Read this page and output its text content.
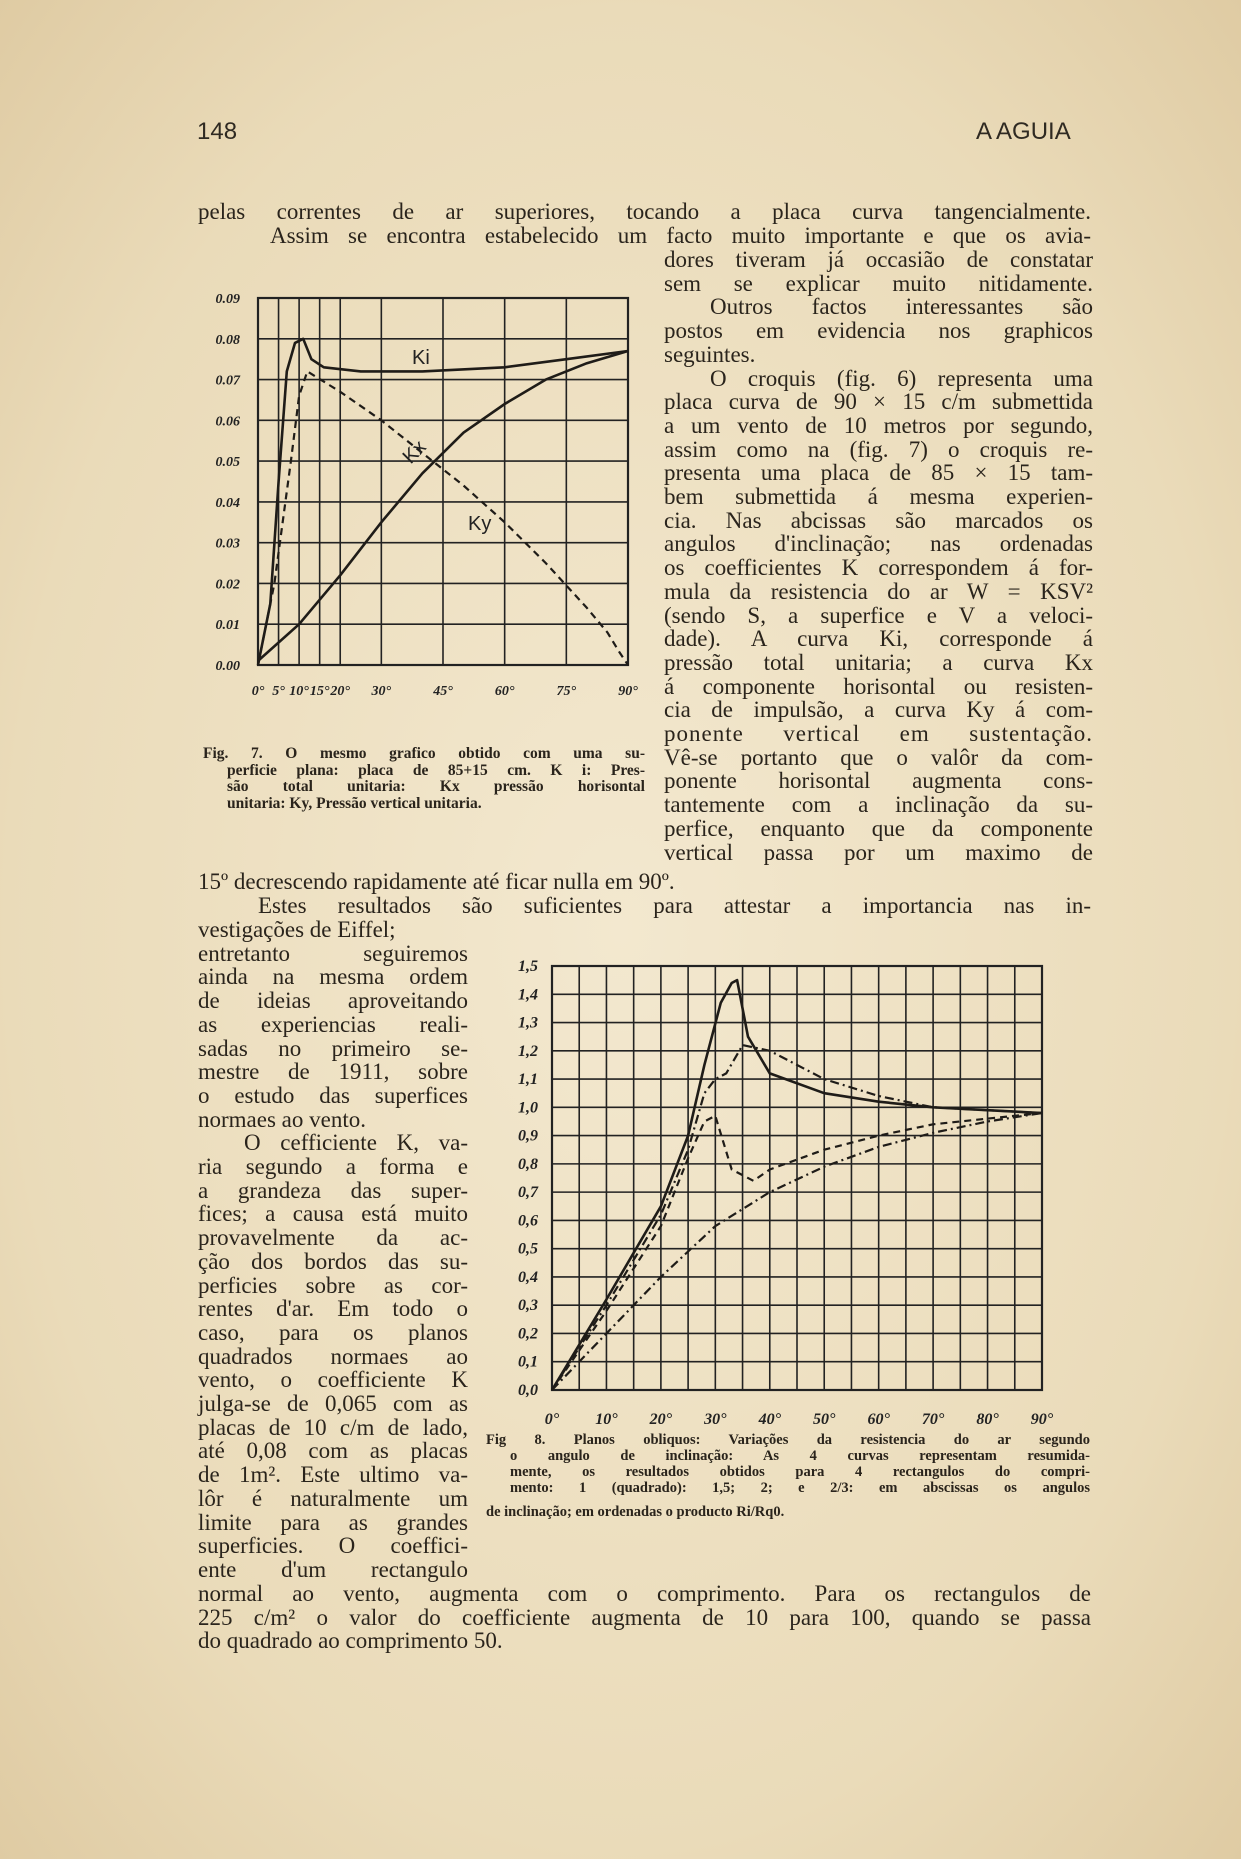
148	A AGUIA
pelas correntes de ar superiores, tocando a placa curva tangencialmente.
Assim se encontra estabelecido um facto muito importante e que os avia-
dores tiveram já occasião de constatar
sem se explicar muito nitidamente.
Outros factos interessantes são
postos em evidencia nos graphicos
seguintes.
O croquis (fig. 6) representa uma
placa curva de 90 × 15 c/m submettida
a um vento de 10 metros por segundo,
assim como na (fig. 7) o croquis re-
presenta uma placa de 85 × 15 tam-
bem submettida á mesma experien-
cia. Nas abcissas são marcados os
angulos d'inclinação; nas ordenadas
os coefficientes K correspondem á for-
mula da resistencia do ar W = KSV²
(sendo S, a superfice e V a veloci-
dade). A curva Ki, corresponde á
pressão total unitaria; a curva Kx
á componente horisontal ou resisten-
cia de impulsão, a curva Ky á com-
ponente vertical em sustentação.
Vê-se portanto que o valôr da com-
ponente horisontal augmenta cons-
tantemente com a inclinação da su-
perfice, enquanto que da componente
vertical passa por um maximo de
Fig. 7. O mesmo grafico obtido com uma su-
perficie plana: placa de 85+15 cm. K i: Pres-
são total unitaria: Kx pressão horisontal
unitaria: Ky, Pressão vertical unitaria.
15º decrescendo rapidamente até ficar nulla em 90º.
Estes resultados são suficientes para attestar a importancia nas in-
vestigações de Eiffel;
entretanto seguiremos
ainda na mesma ordem
de ideias aproveitando
as experiencias reali-
sadas no primeiro se-
mestre de 1911, sobre
o estudo das superfices
normaes ao vento.
O cefficiente K, va-
ria segundo a forma e
a grandeza das super-
fices; a causa está muito
provavelmente da ac-
ção dos bordos das su-
perficies sobre as cor-
rentes d'ar. Em todo o
caso, para os planos
quadrados normaes ao
vento, o coefficiente K
julga-se de 0,065 com as
placas de 10 c/m de lado,
até 0,08 com as placas
de 1m². Este ultimo va-
lôr é naturalmente um
limite para as grandes
superficies. O coeffici-
ente d'um rectangulo
Fig 8. Planos obliquos: Variações da resistencia do ar segundo
o angulo de inclinação: As 4 curvas representam resumida-
mente, os resultados obtidos para 4 rectangulos do compri-
mento: 1 (quadrado): 1,5; 2; e 2/3: em abscissas os angulos
de inclinação; em ordenadas o producto Ri/Rq0.
normal ao vento, augmenta com o comprimento. Para os rectangulos de
225 c/m² o valor do coefficiente augmenta de 10 para 100, quando se passa
do quadrado ao comprimento 50.
0.00
0.01
0.02
0.03
0.04
0.05
0.06
0.07
0.08
0.09
0° 5° 10° 15° 20° 30°	45°	60°	75°	90°
Ki
Kx
Ky
0,0
0,1
0,2
0,3
0,4
0,5
0,6
0,7
0,8
0,9
1,0
1,1
1,2
1,3
1,4
1,5
0° 10° 20° 30° 40° 50° 60° 70° 80° 90°
